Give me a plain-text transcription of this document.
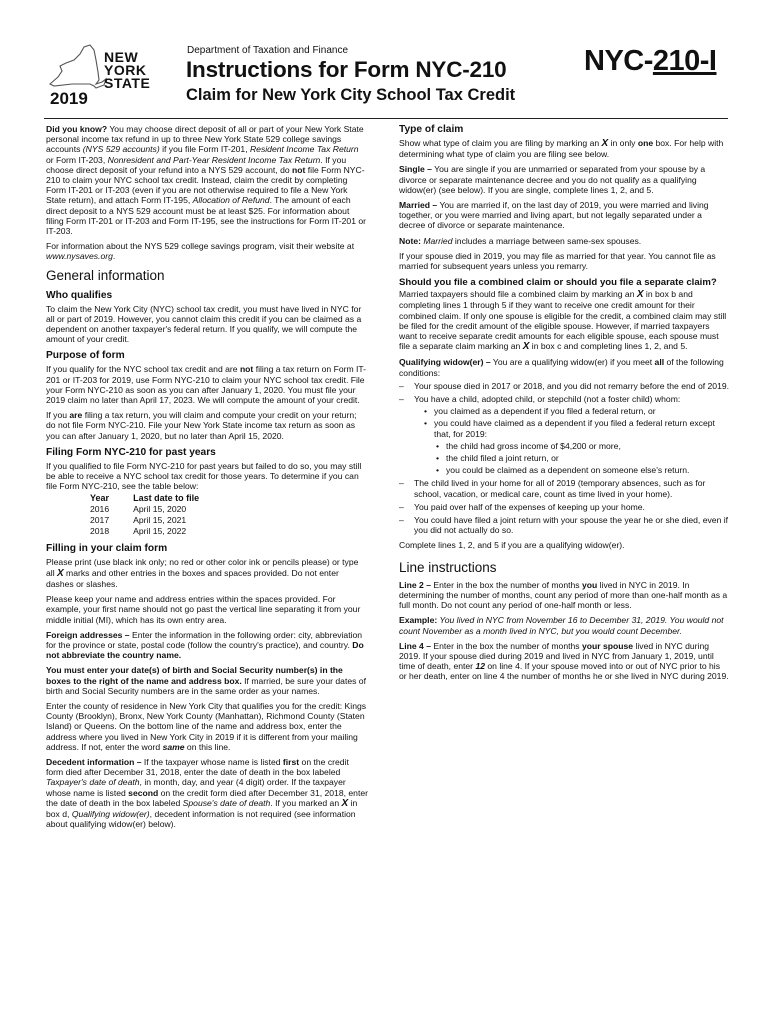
NEW
YORK
STATE
2019
Department of Taxation and Finance
Instructions for Form NYC-210
Claim for New York City School Tax Credit
NYC-210-I

Did you know? You may choose direct deposit of all or part of your New York State personal income tax refund in up to three New York State 529 college savings accounts (NYS 529 accounts) if you file Form IT-201, Resident Income Tax Return or Form IT-203, Nonresident and Part-Year Resident Income Tax Return. If you choose direct deposit of your refund into a NYS 529 account, do not file Form NYC-210 to claim your NYC school tax credit. Instead, claim the credit by completing Form IT-201 or IT-203 (even if you are not otherwise required to file a New York State return), and attach Form IT-195, Allocation of Refund. The amount of each direct deposit to a NYS 529 account must be at least $25. For information about filing Form IT-201 or IT-203 and Form IT-195, see the instructions for Form IT-201 or IT-203.

For information about the NYS 529 college savings program, visit their website at www.nysaves.org.

General information
Who qualifies

To claim the New York City (NYC) school tax credit, you must have lived in NYC for all or part of 2019. However, you cannot claim this credit if you can be claimed as a dependent on another taxpayer's federal return. If you qualify, we will compute the amount of your credit.

Purpose of form

If you qualify for the NYC school tax credit and are not filing a tax return on Form IT-201 or IT-203 for 2019, use Form NYC-210 to claim your NYC school tax credit. File your Form NYC-210 as soon as you can after January 1, 2020. You must file your 2019 claim no later than April 17, 2023. We will compute the amount of your credit.

If you are filing a tax return, you will claim and compute your credit on your return; do not file Form NYC-210. File your New York State income tax return as soon as you can after January 1, 2020, but no later than April 15, 2020.

Filing Form NYC-210 for past years

If you qualified to file Form NYC-210 for past years but failed to do so, you may still be able to receive a NYC school tax credit for those years. To determine if you can file Form NYC-210, see the table below:

Year	Last date to file
2016	April 15, 2020
2017	April 15, 2021
2018	April 15, 2022
Filling in your claim form

Please print (use black ink only; no red or other color ink or pencils please) or type all X marks and other entries in the boxes and spaces provided. Do not enter dashes or slashes.

Please keep your name and address entries within the spaces provided. For example, your first name should not go past the vertical line separating it from your middle initial (MI), which has its own entry area.

Foreign addresses – Enter the information in the following order: city, abbreviation for the province or state, postal code (follow the country's practice), and country. Do not abbreviate the country name.

You must enter your date(s) of birth and Social Security number(s) in the boxes to the right of the name and address box. If married, be sure your dates of birth and Social Security numbers are in the same order as your names.

Enter the county of residence in New York City that qualifies you for the credit: Kings County (Brooklyn), Bronx, New York County (Manhattan), Richmond County (Staten Island) or Queens. On the bottom line of the name and address box, enter the address where you lived in New York City in 2019 if it is different from your mailing address. If not, enter the word same on this line.

Decedent information – If the taxpayer whose name is listed first on the credit form died after December 31, 2018, enter the date of death in the box labeled Taxpayer's date of death, in month, day, and year (4 digit) order. If the taxpayer whose name is listed second on the credit form died after December 31, 2018, enter the date of death in the box labeled Spouse's date of death. If you marked an X in box d, Qualifying widow(er), decedent information is not required (see information about qualifying widow(er) below).

Type of claim

Show what type of claim you are filing by marking an X in only one box. For help with determining what type of claim you are filing see below.

Single – You are single if you are unmarried or separated from your spouse by a divorce or separate maintenance decree and you do not qualify as a qualifying widow(er) (see below). If you are single, complete lines 1, 2, and 5.

Married – You are married if, on the last day of 2019, you were married and living together, or you were married and living apart, but not legally separated under a decree of divorce or separate maintenance.

Note: Married includes a marriage between same-sex spouses.

If your spouse died in 2019, you may file as married for that year. You cannot file as married for subsequent years unless you remarry.

Should you file a combined claim or should you file a separate claim?

Married taxpayers should file a combined claim by marking an X in box b and completing lines 1 through 5 if they want to receive one credit amount for their combined claim. If only one spouse is eligible for the credit, a combined claim may still be filed for the credit amount of the eligible spouse. However, if married taxpayers want to receive separate credit amounts for each eligible spouse, each spouse must file a separate claim marking an X in box c and completing lines 1, 2, and 5.

Qualifying widow(er) – You are a qualifying widow(er) if you meet all of the following conditions:

– Your spouse died in 2017 or 2018, and you did not remarry before the end of 2019.
– You have a child, adopted child, or stepchild (not a foster child) whom:
• you claimed as a dependent if you filed a federal return, or
• you could have claimed as a dependent if you filed a federal return except that, for 2019:
• the child had gross income of $4,200 or more,
• the child filed a joint return, or
• you could be claimed as a dependent on someone else's return.
– The child lived in your home for all of 2019 (temporary absences, such as for school, vacation, or medical care, count as time lived in your home).
– You paid over half of the expenses of keeping up your home.
– You could have filed a joint return with your spouse the year he or she died, even if you did not actually do so.

Complete lines 1, 2, and 5 if you are a qualifying widow(er).

Line instructions

Line 2 – Enter in the box the number of months you lived in NYC in 2019. In determining the number of months, count any period of more than one-half month as a full month. Do not count any period of one-half month or less.

Example: You lived in NYC from November 16 to December 31, 2019. You would not count November as a month lived in NYC, but you would count December.

Line 4 – Enter in the box the number of months your spouse lived in NYC during 2019. If your spouse died during 2019 and lived in NYC from January 1, 2019, until time of death, enter 12 on line 4. If your spouse moved into or out of NYC prior to his or her death, enter on line 4 the number of months he or she lived in NYC during 2019.
